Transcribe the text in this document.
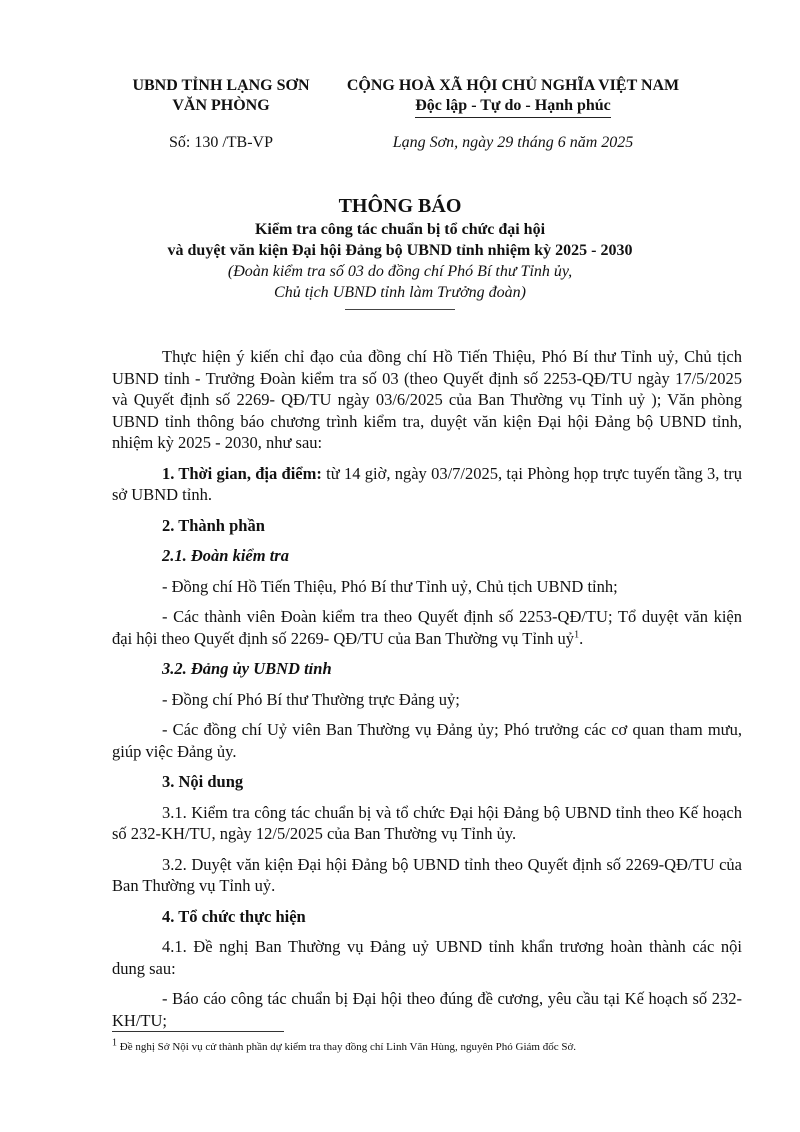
UBND TỈNH LẠNG SƠN
VĂN PHÒNG
CỘNG HOÀ XÃ HỘI CHỦ NGHĨA VIỆT NAM
Độc lập - Tự do - Hạnh phúc
Số: 130 /TB-VP	Lạng Sơn, ngày 29 tháng 6 năm 2025
THÔNG BÁO
Kiểm tra công tác chuẩn bị tổ chức đại hội
và duyệt văn kiện Đại hội Đảng bộ UBND tỉnh nhiệm kỳ 2025 - 2030
(Đoàn kiểm tra số 03 do đồng chí Phó Bí thư Tỉnh ủy,
Chủ tịch UBND tỉnh làm Trưởng đoàn)

Thực hiện ý kiến chỉ đạo của đồng chí Hồ Tiến Thiệu, Phó Bí thư Tỉnh uỷ, Chủ tịch UBND tỉnh - Trưởng Đoàn kiểm tra số 03 (theo Quyết định số 2253-QĐ/TU ngày 17/5/2025 và Quyết định số 2269- QĐ/TU ngày 03/6/2025 của Ban Thường vụ Tỉnh uỷ ); Văn phòng UBND tỉnh thông báo chương trình kiểm tra, duyệt văn kiện Đại hội Đảng bộ UBND tỉnh, nhiệm kỳ 2025 - 2030, như sau:

1. Thời gian, địa điểm: từ 14 giờ, ngày 03/7/2025, tại Phòng họp trực tuyến tầng 3, trụ sở UBND tỉnh.

2. Thành phần

2.1. Đoàn kiểm tra

- Đồng chí Hồ Tiến Thiệu, Phó Bí thư Tỉnh uỷ, Chủ tịch UBND tỉnh;

- Các thành viên Đoàn kiểm tra theo Quyết định số 2253-QĐ/TU; Tổ duyệt văn kiện đại hội theo Quyết định số 2269- QĐ/TU của Ban Thường vụ Tỉnh uỷ$^1$.

3.2. Đảng ủy UBND tỉnh

- Đồng chí Phó Bí thư Thường trực Đảng uỷ;

- Các đồng chí Uỷ viên Ban Thường vụ Đảng ủy; Phó trưởng các cơ quan tham mưu, giúp việc Đảng ủy.

3. Nội dung

3.1. Kiểm tra công tác chuẩn bị và tổ chức Đại hội Đảng bộ UBND tỉnh theo Kế hoạch số 232-KH/TU, ngày 12/5/2025 của Ban Thường vụ Tỉnh ủy.

3.2. Duyệt văn kiện Đại hội Đảng bộ UBND tỉnh theo Quyết định số 2269-QĐ/TU của Ban Thường vụ Tỉnh uỷ.

4. Tổ chức thực hiện

4.1. Đề nghị Ban Thường vụ Đảng uỷ UBND tỉnh khẩn trương hoàn thành các nội dung sau:

- Báo cáo công tác chuẩn bị Đại hội theo đúng đề cương, yêu cầu tại Kế hoạch số 232-KH/TU;

$^1$ Đề nghị Sở Nội vụ cử thành phần dự kiểm tra thay đồng chí Linh Văn Hùng, nguyên Phó Giám đốc Sở.
